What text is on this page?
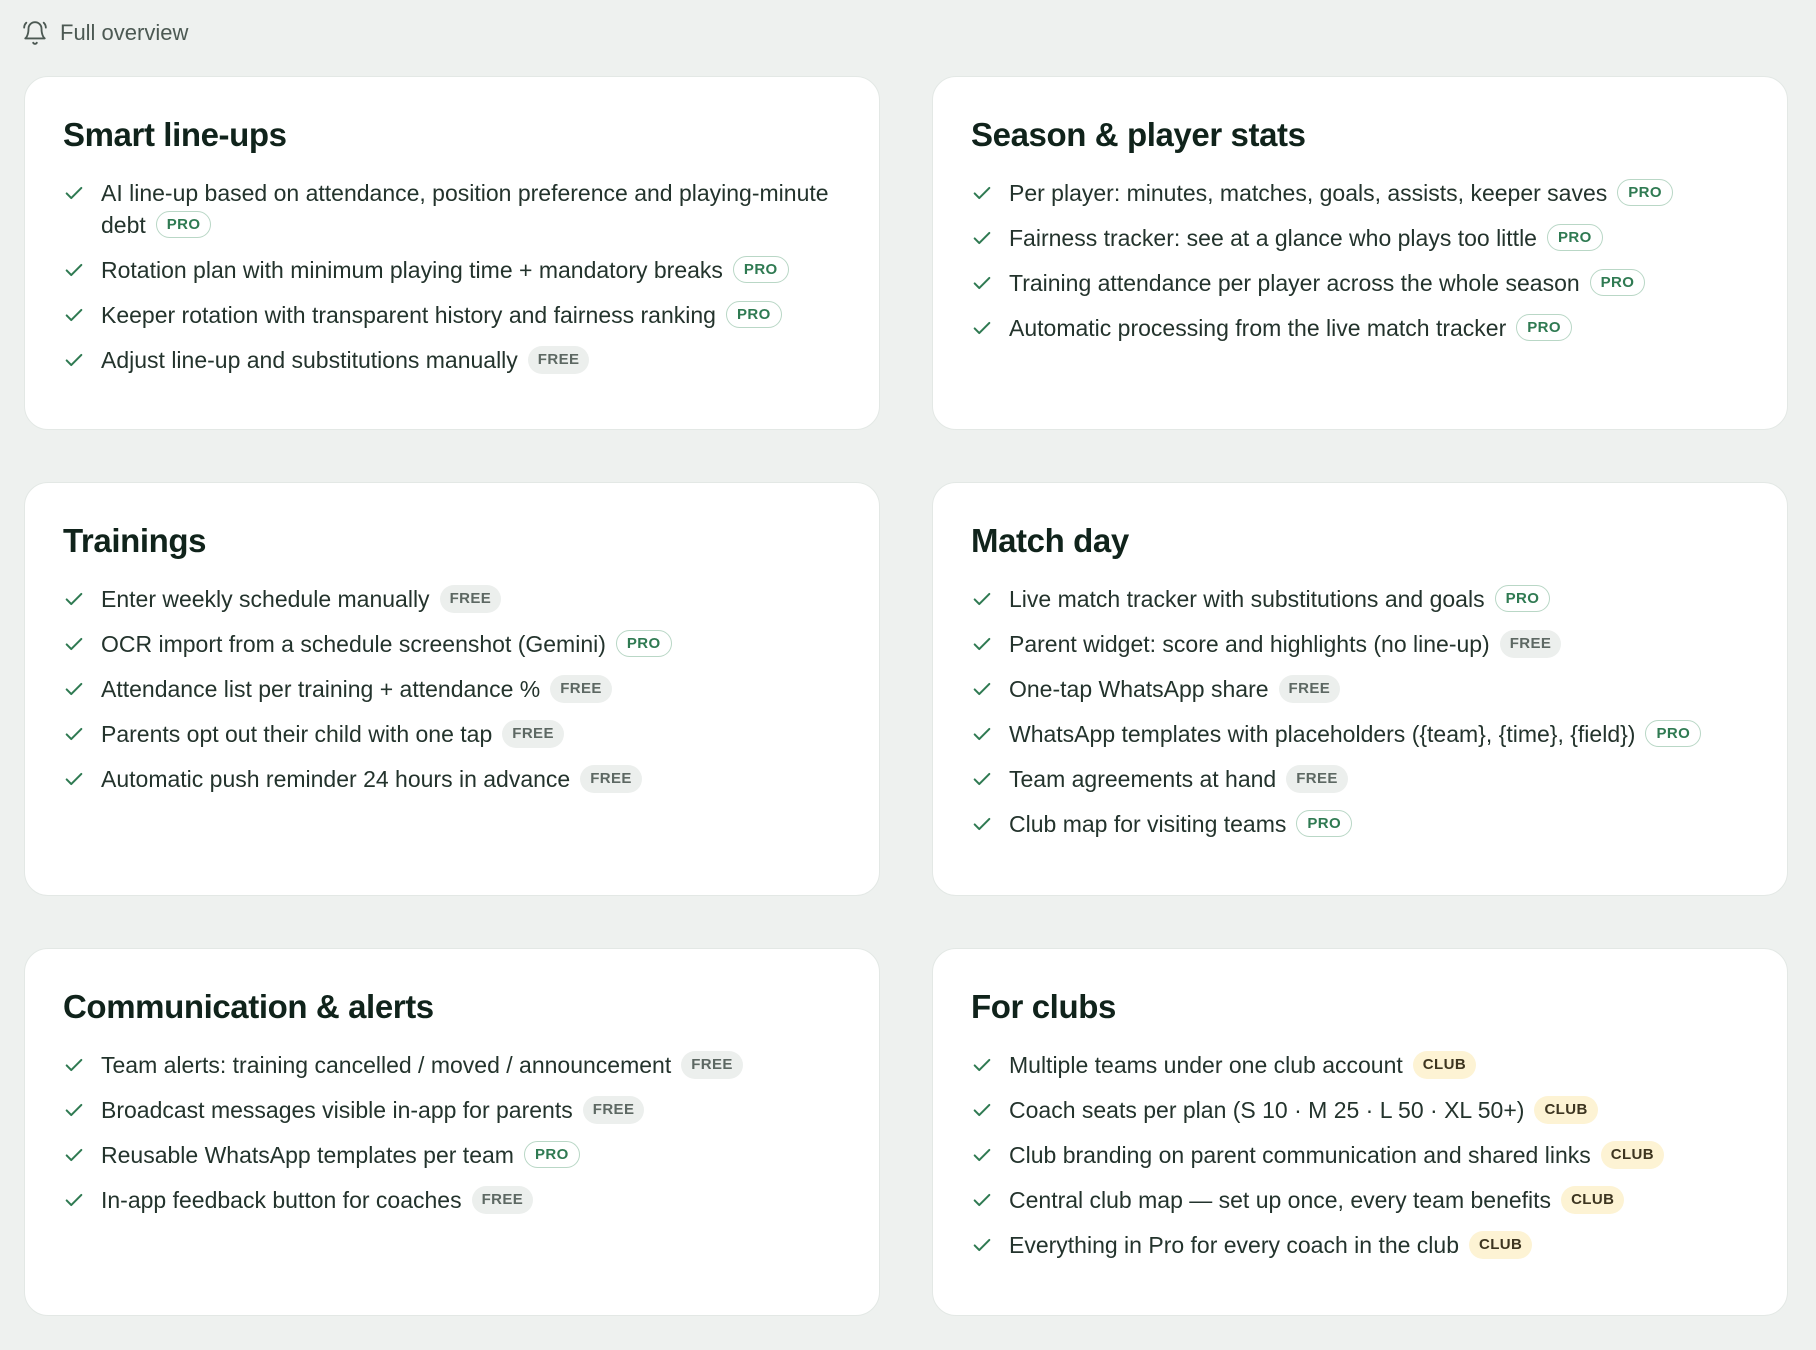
Full overview
Smart line-ups
AI line-up based on attendance, position preference and playing-minute debt PRO
Rotation plan with minimum playing time + mandatory breaks PRO
Keeper rotation with transparent history and fairness ranking PRO
Adjust line-up and substitutions manually FREE
Season & player stats
Per player: minutes, matches, goals, assists, keeper saves PRO
Fairness tracker: see at a glance who plays too little PRO
Training attendance per player across the whole season PRO
Automatic processing from the live match tracker PRO
Trainings
Enter weekly schedule manually FREE
OCR import from a schedule screenshot (Gemini) PRO
Attendance list per training + attendance % FREE
Parents opt out their child with one tap FREE
Automatic push reminder 24 hours in advance FREE
Match day
Live match tracker with substitutions and goals PRO
Parent widget: score and highlights (no line-up) FREE
One-tap WhatsApp share FREE
WhatsApp templates with placeholders ({team}, {time}, {field}) PRO
Team agreements at hand FREE
Club map for visiting teams PRO
Communication & alerts
Team alerts: training cancelled / moved / announcement FREE
Broadcast messages visible in-app for parents FREE
Reusable WhatsApp templates per team PRO
In-app feedback button for coaches FREE
For clubs
Multiple teams under one club account CLUB
Coach seats per plan (S 10 · M 25 · L 50 · XL 50+) CLUB
Club branding on parent communication and shared links CLUB
Central club map — set up once, every team benefits CLUB
Everything in Pro for every coach in the club CLUB
